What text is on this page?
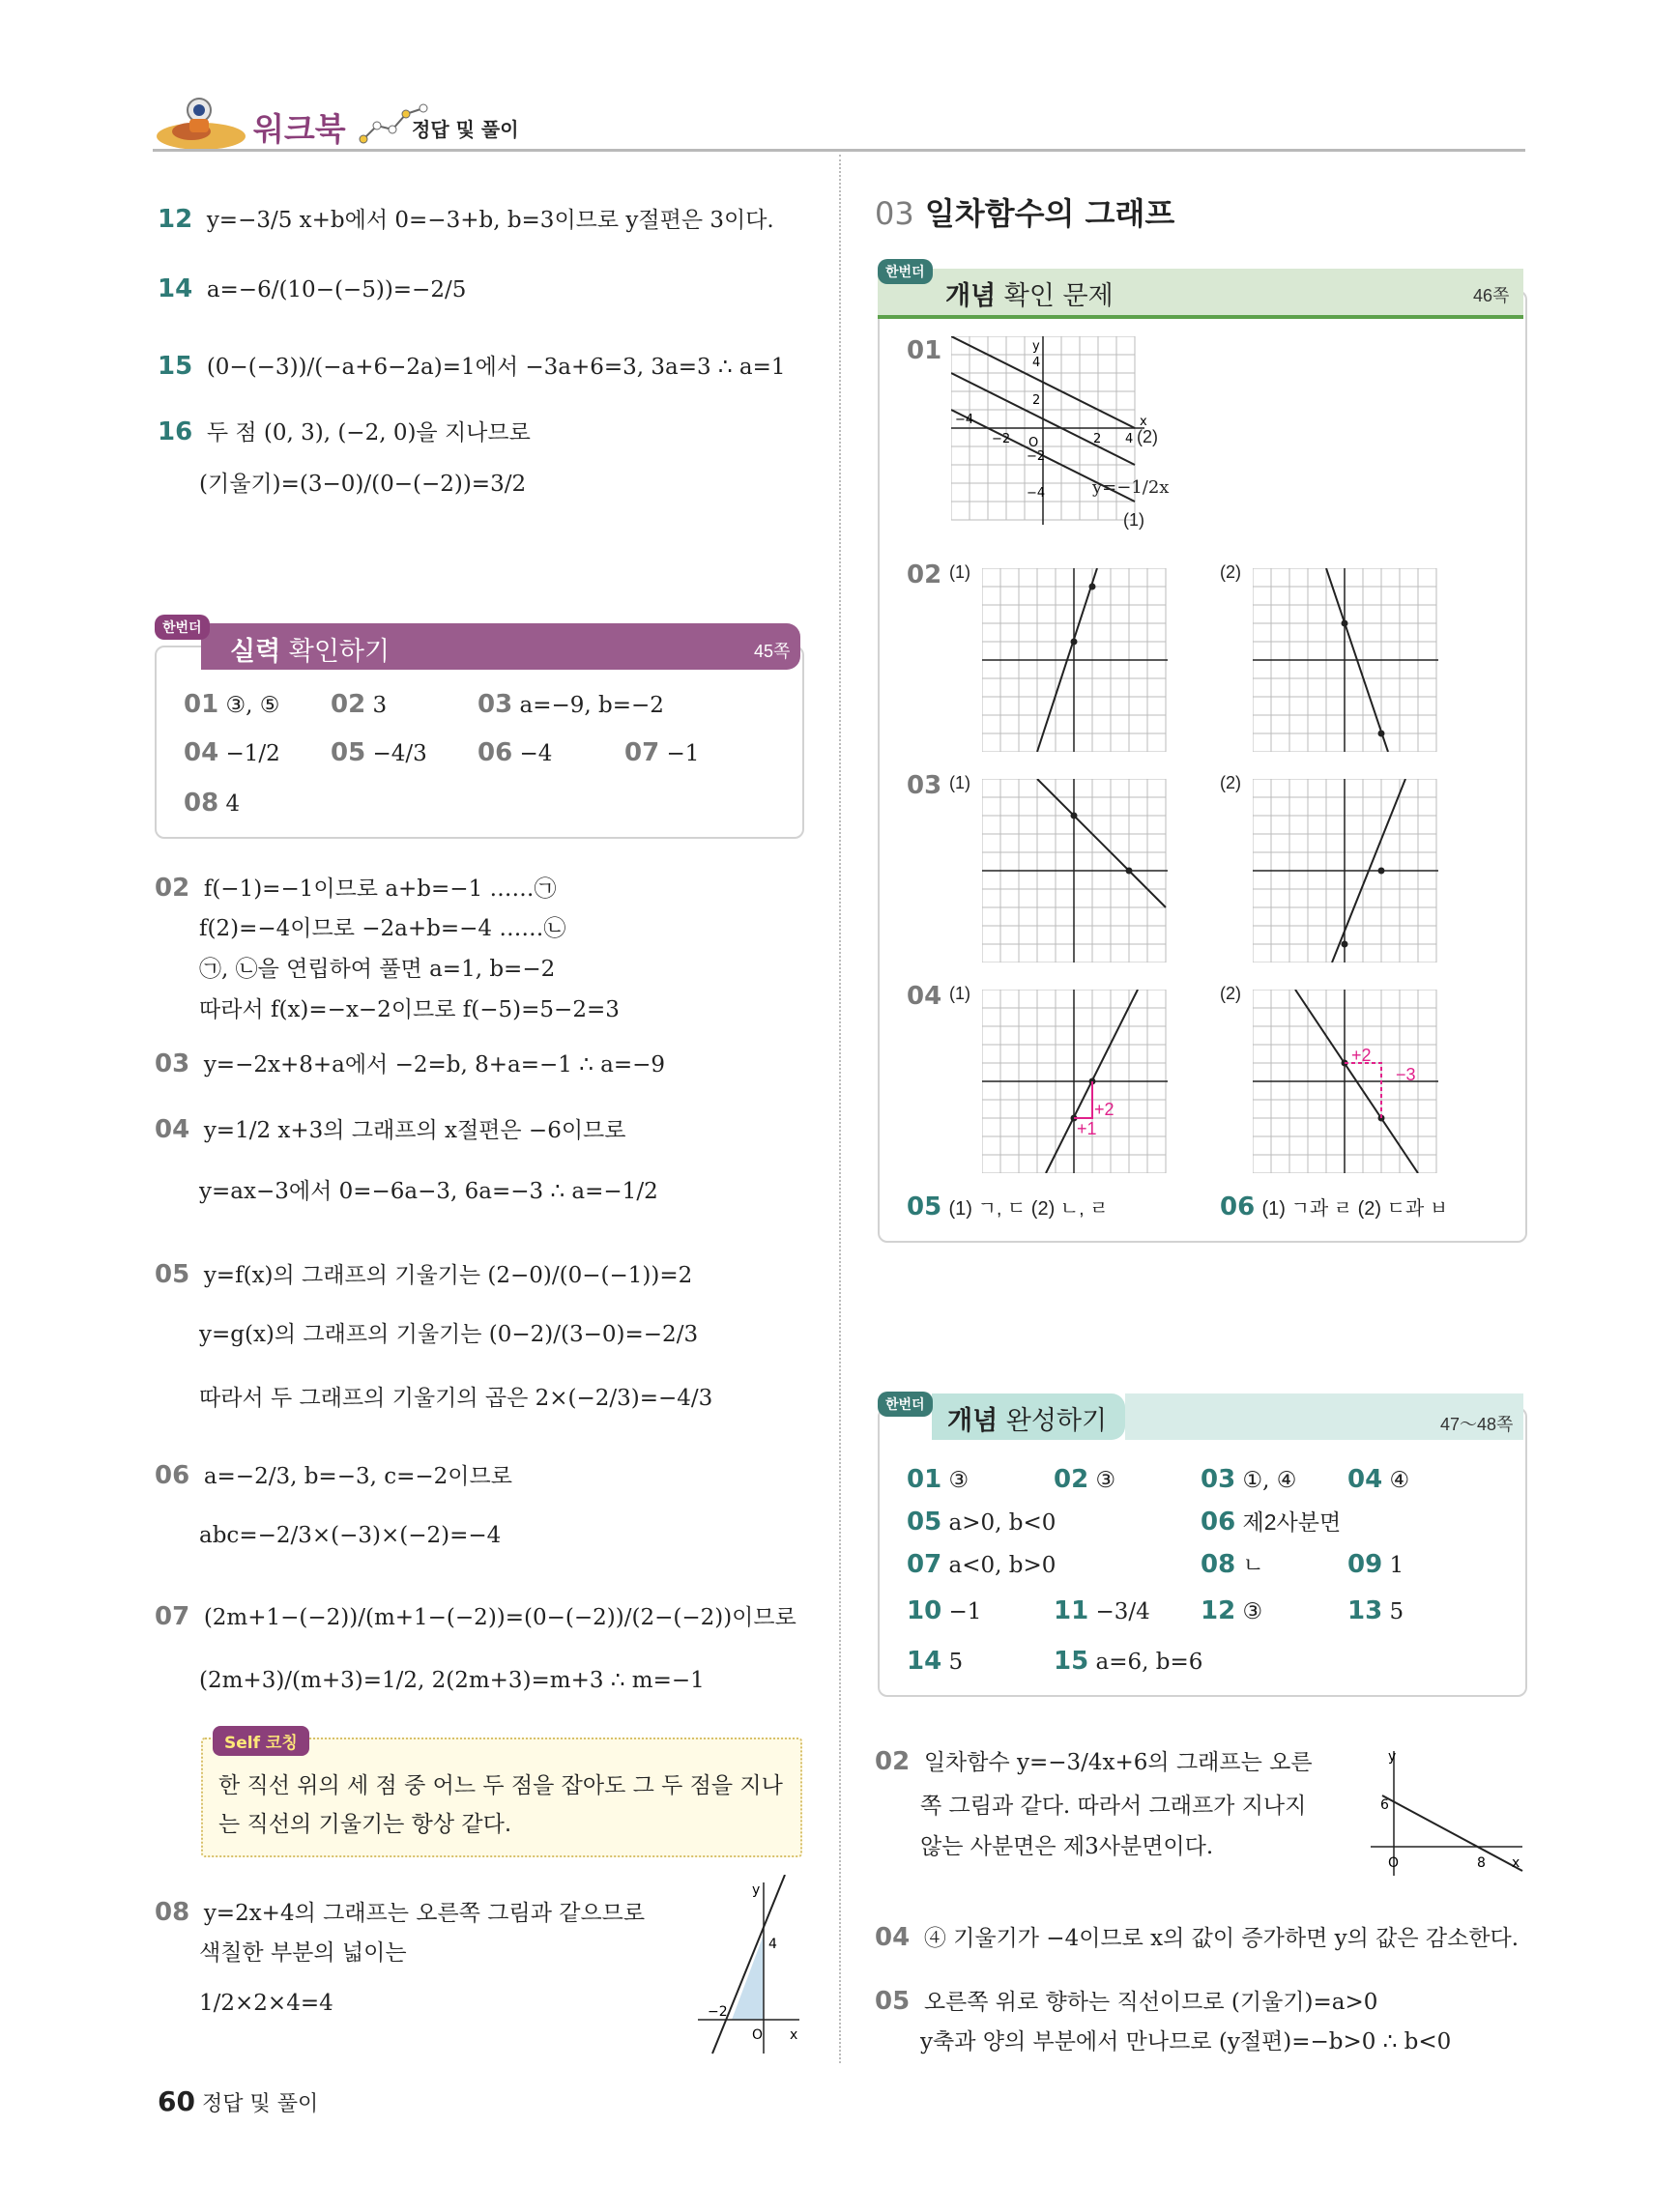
워크북	정답 및 풀이
12 y=−3/5 x+b에서 0=−3+b, b=3이므로 y절편은 3이다.
14 a=−6/(10−(−5))=−2/5
15 (0−(−3))/(−a+6−2a)=1에서 −3a+6=3, 3a=3 ∴ a=1
16 두 점 (0, 3), (−2, 0)을 지나므로
(기울기)=(3−0)/(0−(−2))=3/2
한번더
실력 확인하기	45쪽
01 ③, ⑤ 02 3	03 a=−9, b=−2
04 −1/2 05 −4/3 06 −4	07 −1
08 4
02 f(−1)=−1이므로 a+b=−1 ……㉠
f(2)=−4이므로 −2a+b=−4 ……㉡
㉠, ㉡을 연립하여 풀면 a=1, b=−2
따라서 f(x)=−x−2이므로 f(−5)=5−2=3
03 y=−2x+8+a에서 −2=b, 8+a=−1 ∴ a=−9
04 y=1/2 x+3의 그래프의 x절편은 −6이므로
y=ax−3에서 0=−6a−3, 6a=−3 ∴ a=−1/2
05 y=f(x)의 그래프의 기울기는 (2−0)/(0−(−1))=2
y=g(x)의 그래프의 기울기는 (0−2)/(3−0)=−2/3
따라서 두 그래프의 기울기의 곱은 2×(−2/3)=−4/3
06 a=−2/3, b=−3, c=−2이므로
abc=−2/3×(−3)×(−2)=−4
07 (2m+1−(−2))/(m+1−(−2))=(0−(−2))/(2−(−2))이므로
(2m+3)/(m+3)=1/2, 2(2m+3)=m+3 ∴ m=−1
Self 코칭
한 직선 위의 세 점 중 어느 두 점을 잡아도 그 두 점을 지나는 직선의 기울기는 항상 같다.
08 y=2x+4의 그래프는 오른쪽 그림과 같으므로
색칠한 부분의 넓이는
1/2×2×4=4
y
4
−2
O x
60 정답 및 풀이
03 일차함수의 그래프
한번더
개념 확인 문제	46쪽
01
02
03
04
(1)	(2)
(1)	(2)
(1)	(2)
y
x
O
4
2
2 4
−2
−4
−2
−4
(2)
y=−1/2x
(1)
+2
+1
+2
−3
05 (1) ㄱ, ㄷ (2) ㄴ, ㄹ	06 (1) ㄱ과 ㄹ (2) ㄷ과 ㅂ
한번더
개념 완성하기	47～48쪽
01 ③	02 ③	03 ①, ④ 04 ④
05 a>0, b<0	06 제2사분면
07 a<0, b>0	08 ㄴ	09 1
10 −1	11 −3/4 12 ③	13 5
14 5	15 a=6, b=6
02 일차함수 y=−3/4x+6의 그래프는 오른
쪽 그림과 같다. 따라서 그래프가 지나지
않는 사분면은 제3사분면이다.
y
6
O	8 x
04 ④ 기울기가 −4이므로 x의 값이 증가하면 y의 값은 감소한다.
05 오른쪽 위로 향하는 직선이므로 (기울기)=a>0
y축과 양의 부분에서 만나므로 (y절편)=−b>0 ∴ b<0
